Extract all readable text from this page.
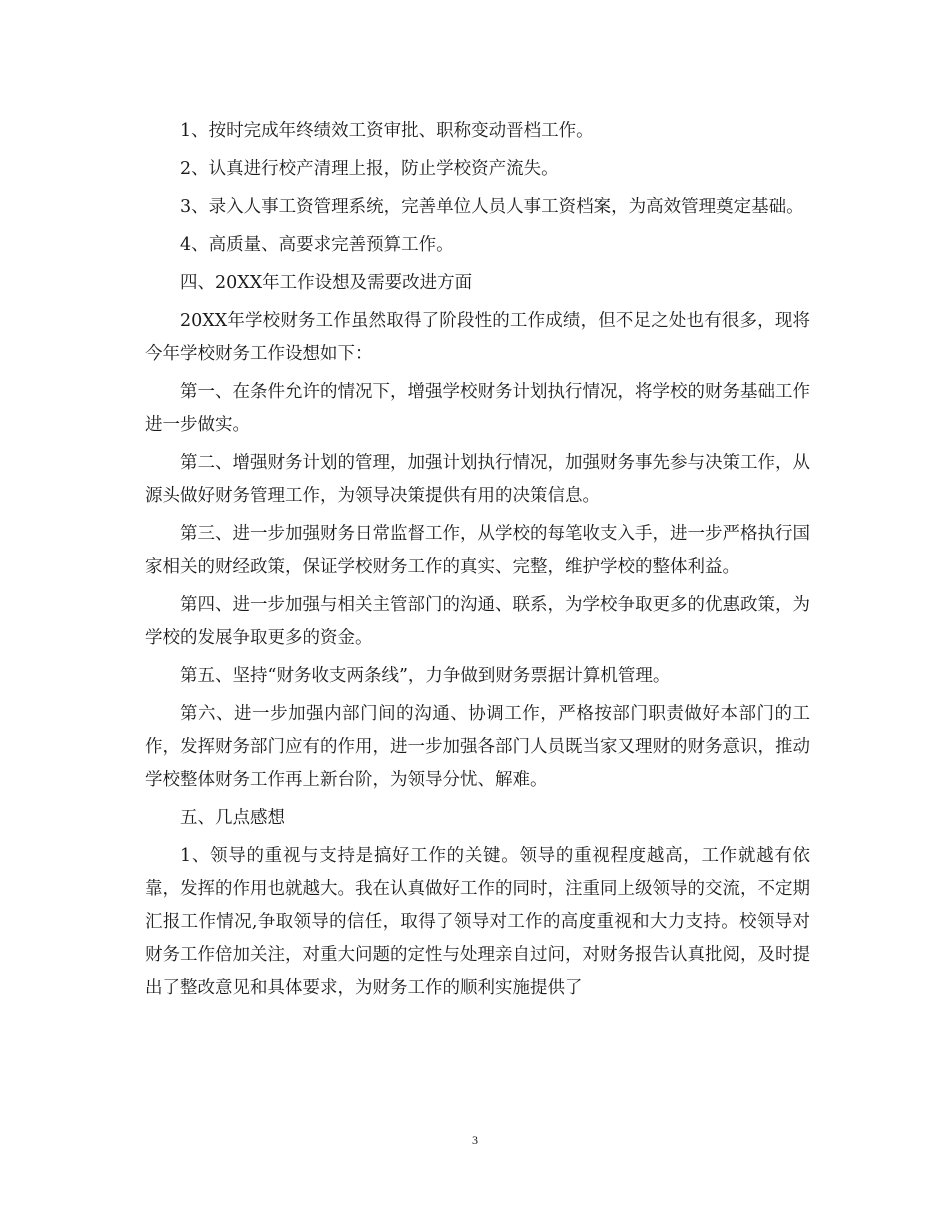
1、按时完成年终绩效工资审批、职称变动晋档工作。

2、认真进行校产清理上报，防止学校资产流失。

3、录入人事工资管理系统，完善单位人员人事工资档案，为高效管理奠定基础。

4、高质量、高要求完善预算工作。

四、20XX年工作设想及需要改进方面

20XX年学校财务工作虽然取得了阶段性的工作成绩，但不足之处也有很多，现将今年学校财务工作设想如下：

第一、在条件允许的情况下，增强学校财务计划执行情况，将学校的财务基础工作进一步做实。

第二、增强财务计划的管理，加强计划执行情况，加强财务事先参与决策工作，从源头做好财务管理工作，为领导决策提供有用的决策信息。

第三、进一步加强财务日常监督工作，从学校的每笔收支入手，进一步严格执行国家相关的财经政策，保证学校财务工作的真实、完整，维护学校的整体利益。

第四、进一步加强与相关主管部门的沟通、联系，为学校争取更多的优惠政策，为学校的发展争取更多的资金。

第五、坚持“财务收支两条线”，力争做到财务票据计算机管理。

第六、进一步加强内部门间的沟通、协调工作，严格按部门职责做好本部门的工作，发挥财务部门应有的作用，进一步加强各部门人员既当家又理财的财务意识，推动学校整体财务工作再上新台阶，为领导分忧、解难。

五、几点感想

1、领导的重视与支持是搞好工作的关键。领导的重视程度越高，工作就越有依靠，发挥的作用也就越大。我在认真做好工作的同时，注重同上级领导的交流，不定期汇报工作情况,争取领导的信任，取得了领导对工作的高度重视和大力支持。校领导对财务工作倍加关注，对重大问题的定性与处理亲自过问，对财务报告认真批阅，及时提出了整改意见和具体要求，为财务工作的顺利实施提供了

3
